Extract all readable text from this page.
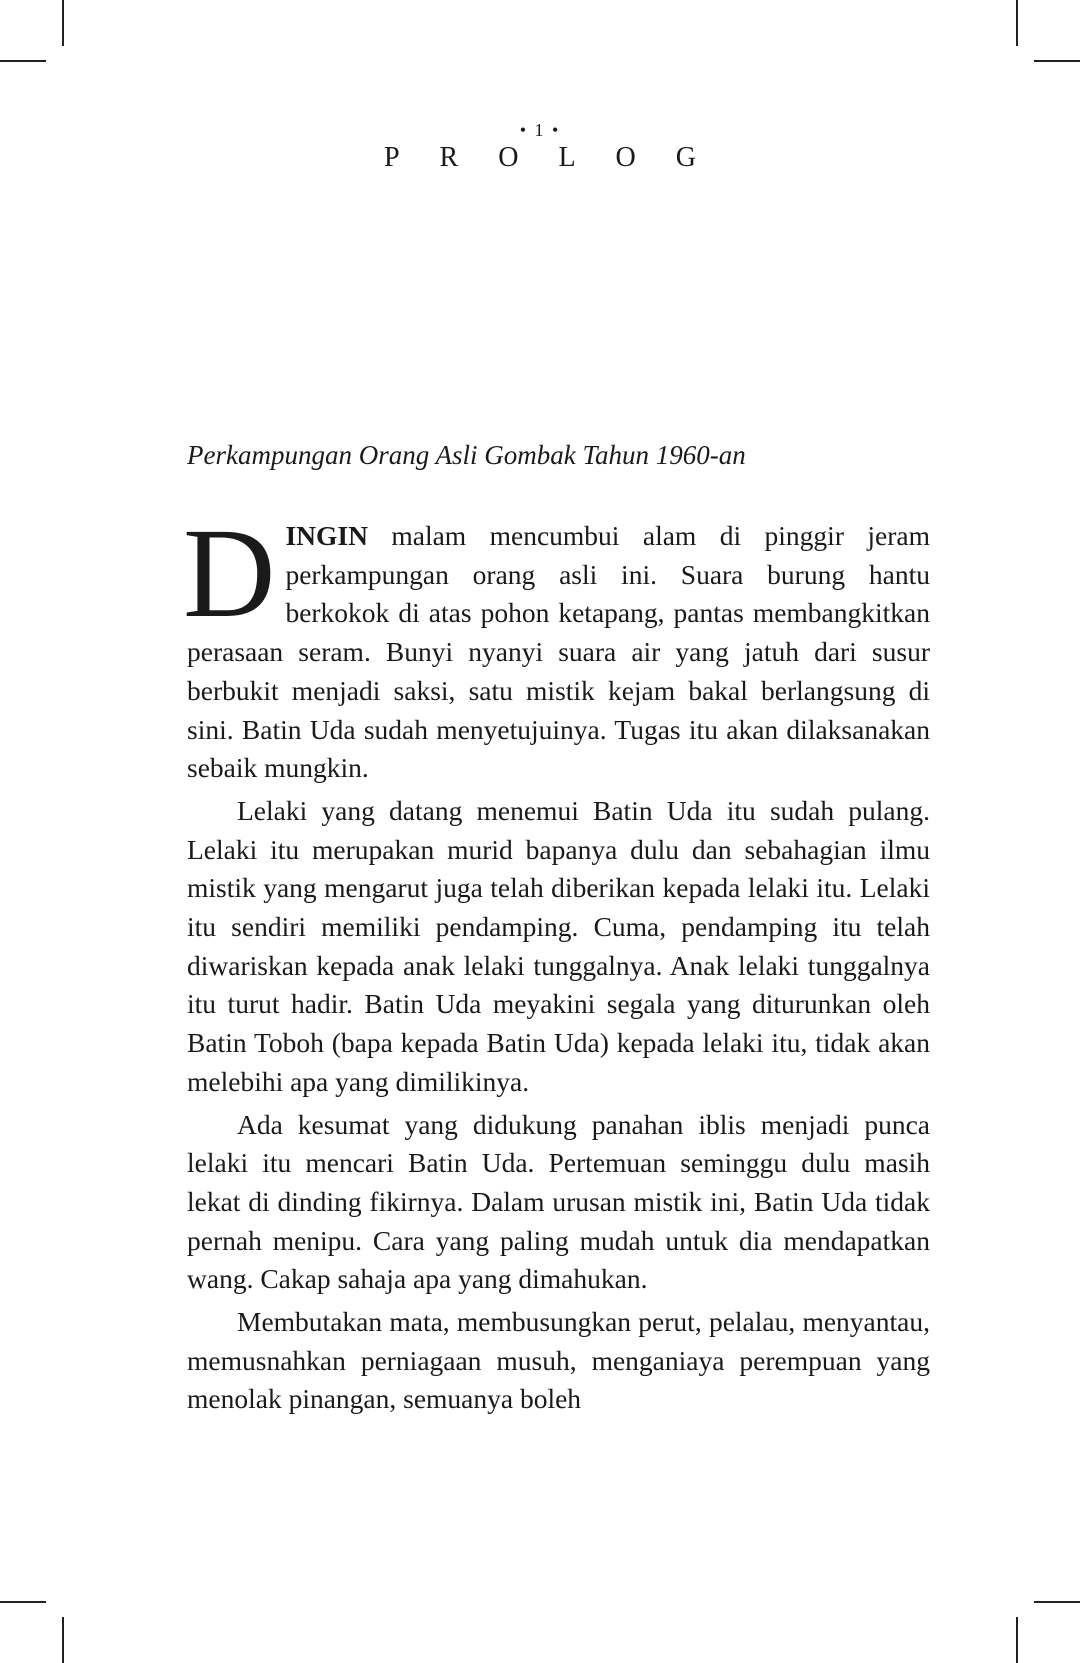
• 1 •
PROLOG
Perkampungan Orang Asli Gombak Tahun 1960-an

DINGIN malam mencumbui alam di pinggir jeram perkampungan orang asli ini. Suara burung hantu berkokok di atas pohon ketapang, pantas membangkitkan perasaan seram. Bunyi nyanyi suara air yang jatuh dari susur berbukit menjadi saksi, satu mistik kejam bakal berlangsung di sini. Batin Uda sudah menyetujuinya. Tugas itu akan dilaksanakan sebaik mungkin.

Lelaki yang datang menemui Batin Uda itu sudah pulang. Lelaki itu merupakan murid bapanya dulu dan sebahagian ilmu mistik yang mengarut juga telah diberikan kepada lelaki itu. Lelaki itu sendiri memiliki pendamping. Cuma, pendamping itu telah diwariskan kepada anak lelaki tunggalnya. Anak lelaki tunggalnya itu turut hadir. Batin Uda meyakini segala yang diturunkan oleh Batin Toboh (bapa kepada Batin Uda) kepada lelaki itu, tidak akan melebihi apa yang dimilikinya.

Ada kesumat yang didukung panahan iblis menjadi punca lelaki itu mencari Batin Uda. Pertemuan seminggu dulu masih lekat di dinding fikirnya. Dalam urusan mistik ini, Batin Uda tidak pernah menipu. Cara yang paling mudah untuk dia mendapatkan wang. Cakap sahaja apa yang dimahukan.

Membutakan mata, membusungkan perut, pelalau, menyantau, memusnahkan perniagaan musuh, menganiaya perempuan yang menolak pinangan, semuanya boleh
